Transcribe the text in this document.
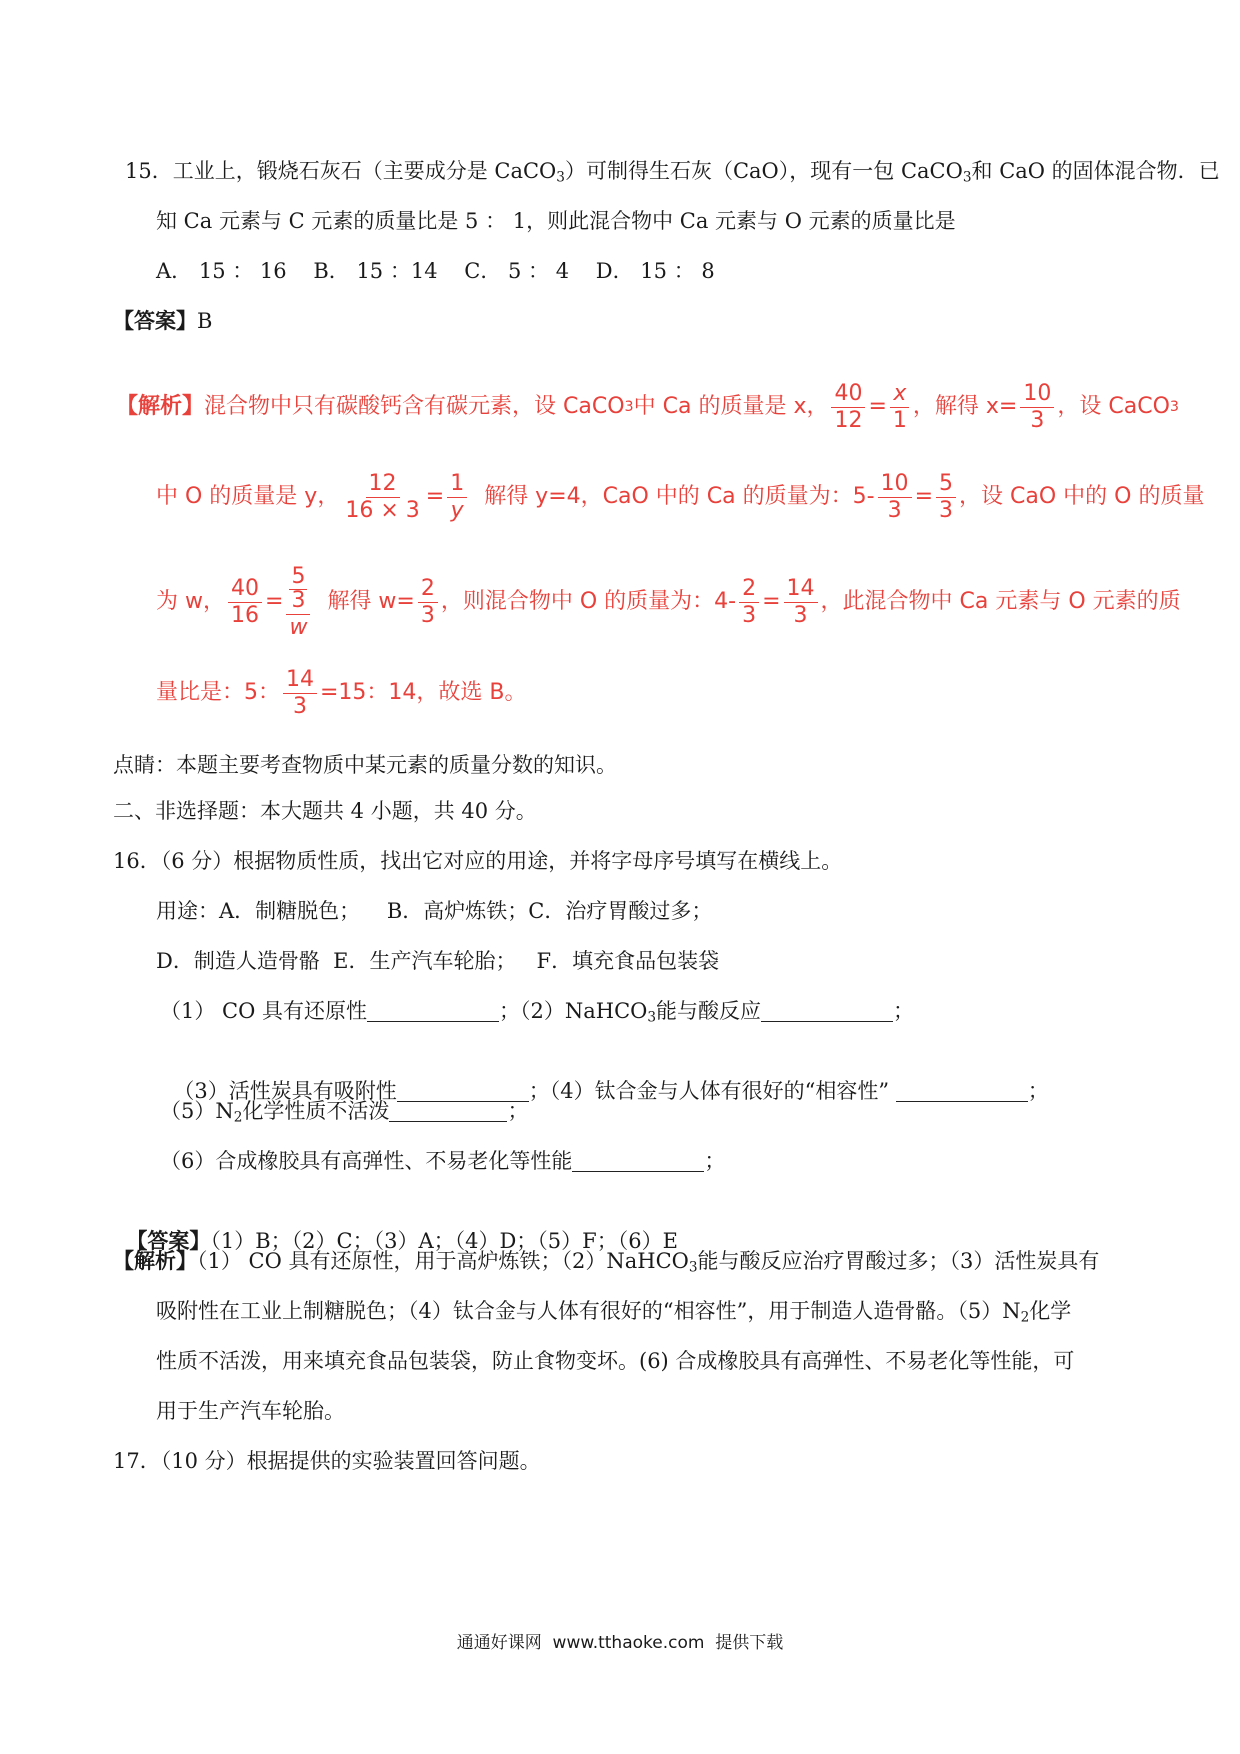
15．工业上，锻烧石灰石（主要成分是 CaCO$_3$）可制得生石灰（CaO），现有一包 CaCO$_3$和 CaO 的固体混合物．已
知 Ca 元素与 C 元素的质量比是 5 ： 1，则此混合物中 Ca 元素与 O 元素的质量比是
A． 15 ： 16    B． 15 ：14    C． 5 ： 4    D． 15 ： 8
【答案】B
【解析】 混合物中只有碳酸钙含有碳元素，设 CaCO 3 中 Ca 的质量是 x， $\frac{40}{12} = \frac{x}{1}$ ，解得 $x= \frac{10}{3}$ ，设 CaCO 3
中 O 的质量是 y， $\frac{12}{16 \times 3} = \frac{1}{y}$
解得 y=4，CaO 中的 Ca 的质量为：$5- \frac{10}{3} = \frac{5}{3}$ ，设 CaO 中的 O 的质量
为 w， $\frac{40}{16} = \frac{\frac{5}{3}}{w}$
解得 $w= \frac{2}{3}$ ，则混合物中 O 的质量为：$4- \frac{2}{3} = \frac{14}{3}$ ，此混合物中 Ca 元素与 O 元素的质
量比是：5： $\frac{14}{3} =15$：14，故选 B。
点睛：本题主要考查物质中某元素的质量分数的知识。
二、非选择题：本大题共 4 小题，共 40 分。
16．（6 分）根据物质性质，找出它对应的用途，并将字母序号填写在横线上。
用途：A．制糖脱色；    B．高炉炼铁；C．治疗胃酸过多；
D．制造人造骨骼  E．生产汽车轮胎；   F．填充食品包装袋
（1） CO 具有还原性	；（2）NaHCO$_3$能与酸反应	；

（3）活性炭具有吸附性	；（4）钛合金与人体有很好的“相容性”	；

$(5)N_2$化学性质不活泼	；
（6）合成橡胶具有高弹性、不易老化等性能	；

【答案】（1）B；（2）C；（3）A；（4）D；（5）F；（6）E

【解析】（1） CO 具有还原性，用于高炉炼铁；（2）NaHCO$_3$能与酸反应治疗胃酸过多；（3）活性炭具有
吸附性在工业上制糖脱色；（4）钛合金与人体有很好的“相容性”，用于制造人造骨骼。$(5)N_2$化学
性质不活泼，用来填充食品包装袋，防止食物变坏。(6) 合成橡胶具有高弹性、不易老化等性能，可
用于生产汽车轮胎。
17．（10 分）根据提供的实验装置回答问题。
通通好课网  www.tthaoke.com  提供下载
